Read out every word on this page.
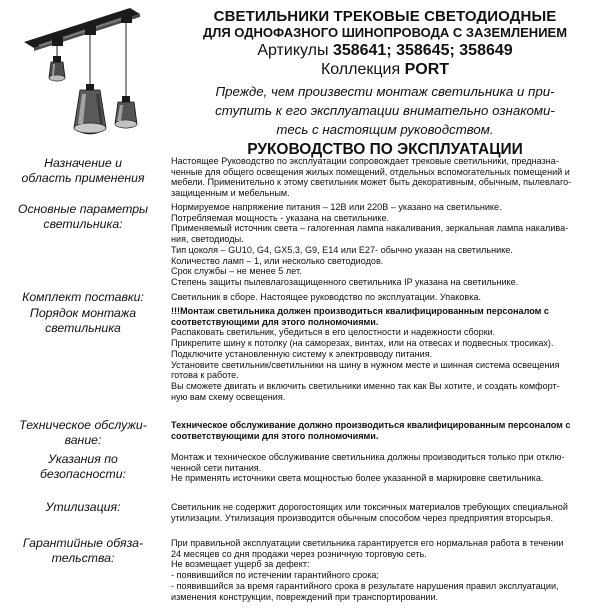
СВЕТИЛЬНИКИ ТРЕКОВЫЕ СВЕТОДИОДНЫЕ
ДЛЯ ОДНОФАЗНОГО ШИНОПРОВОДА С ЗАЗЕМЛЕНИЕМ
Артикулы 358641; 358645; 358649
Коллекция PORT
Прежде, чем произвести монтаж светильника и при-
ступить к его эксплуатации внимательно ознакоми-
тесь с настоящим руководством.
РУКОВОДСТВО ПО ЭКСПЛУАТАЦИИ
Назначение и
область применения
Настоящее Руководство по эксплуатации сопровождает трековые светильники, предназна-
ченные для общего освещения жилых помещений, отдельных вспомогательных помещений и
мебели. Применительно к этому светильник может быть декоративным, обычным, пылевлаго-
защищенным и мебельным.
Основные параметры
светильника:
Нормируемое напряжение питания – 12В или 220В – указано на светильнике.
Потребляемая мощность - указана на светильнике.
Применяемый источник света – галогенная лампа накаливания, зеркальная лампа накалива-
ния, светодиоды.
Тип цоколя – GU10, G4, GX5.3, G9, E14 или E27- обычно указан на светильнике.
Количество ламп – 1, или несколько светодиодов.
Срок службы – не менее 5 лет.
Степень защиты пылевлагозащищенного светильника IP указана на светильнике.
Комплект поставки:	Светильник в сборе. Настоящее руководство по эксплуатации. Упаковка.
Порядок монтажа
светильника
!!!Монтаж светильника должен производиться квалифицированным персоналом с
соответствующими для этого полномочиями.
Распаковать светильник, убедиться в его целостности и надежности сборки.
Прикрепите шину к потолку (на саморезах, винтах, или на отвесах и подвесных тросиках).
Подключите установленную систему к электровводу питания.
Установите светильник/светильники на шину в нужном месте и шинная система освещения
готова к работе.
Вы сможете двигать и включить светильники именно так как Вы хотите, и создать комфорт-
ную вам схему освещения.
Техническое обслужи-
вание:
Техническое обслуживание должно производиться квалифицированным персоналом с
соответствующими для этого полномочиями.
Указания по
безопасности:
Монтаж и техническое обслуживание светильника должны производиться только при отклю-
ченной сети питания.
Не применять источники света мощностью более указанной в маркировке светильника.
Утилизация:	Светильник не содержит дорогостоящих или токсичных материалов требующих специальной
утилизации. Утилизация производится обычным способом через предприятия вторсырья.
Гарантийные обяза-
тельства:
При правильной эксплуатации светильника гарантируется его нормальная работа в течении
24 месяцев со дня продажи через розничную торговую сеть.
Не возмещает ущерб за дефект:
- появившийся по истечении гарантийного срока;
- появившийся за время гарантийного срока в результате нарушения правил эксплуатации,
изменения конструкции, повреждений при транспортировании.
